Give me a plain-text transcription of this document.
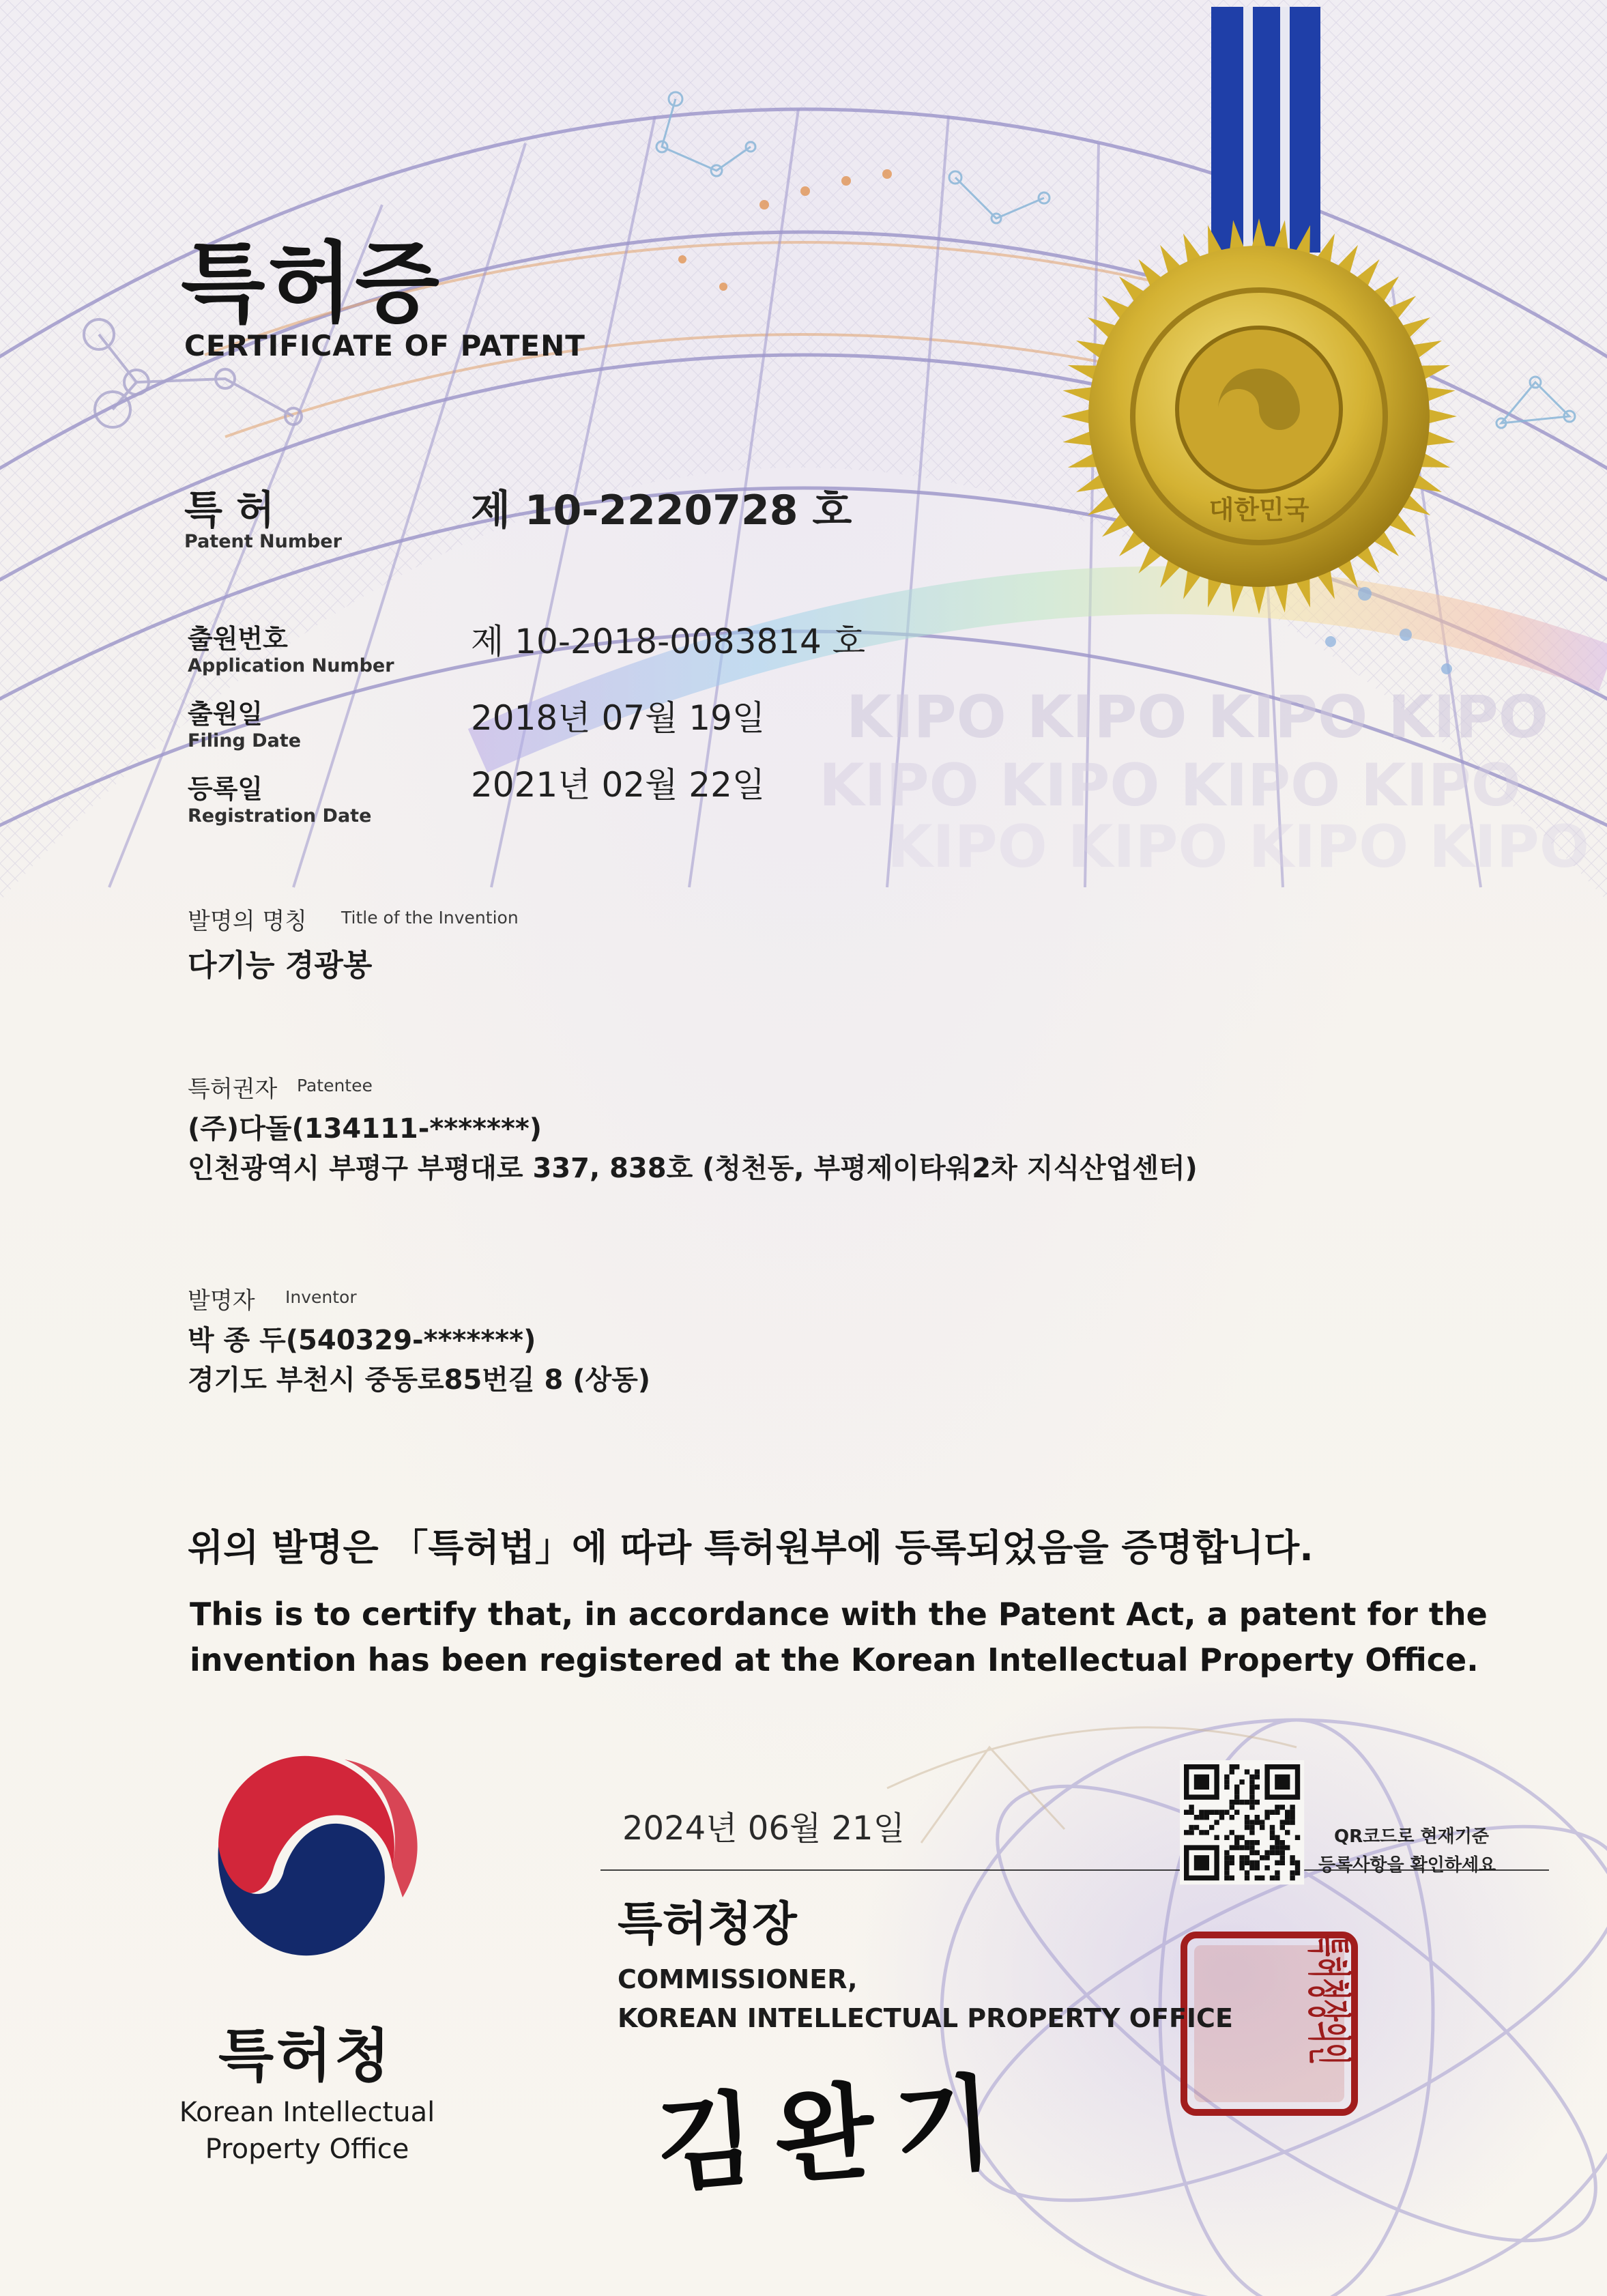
대한민국
KIPO KIPO KIPO KIPO
KIPO KIPO KIPO KIPO
KIPO KIPO KIPO KIPO
특허청장의인
특허증
CERTIFICATE OF PATENT
특 허
Patent Number
제 10-2220728 호
출원번호
Application Number
제 10-2018-0083814 호
출원일
Filing Date
2018년 07월 19일
등록일
Registration Date
2021년 02월 22일
발명의 명칭 Title of the Invention
다기능 경광봉
특허권자 Patentee
(주)다돌(134111-*******)
인천광역시 부평구 부평대로 337, 838호 (청천동, 부평제이타워2차 지식산업센터)
발명자 Inventor
박 종 두(540329-*******)
경기도 부천시 중동로85번길 8 (상동)
위의 발명은 「특허법」에 따라 특허원부에 등록되었음을 증명합니다.
This is to certify that, in accordance with the Patent Act, a patent for the
invention has been registered at the Korean Intellectual Property Office.
2024년 06월 21일	QR코드로 현재기준
등록사항을 확인하세요
특허청장
COMMISSIONER,
KOREAN INTELLECTUAL PROPERTY OFFICE
김완기
특허청
Korean Intellectual
Property Office
